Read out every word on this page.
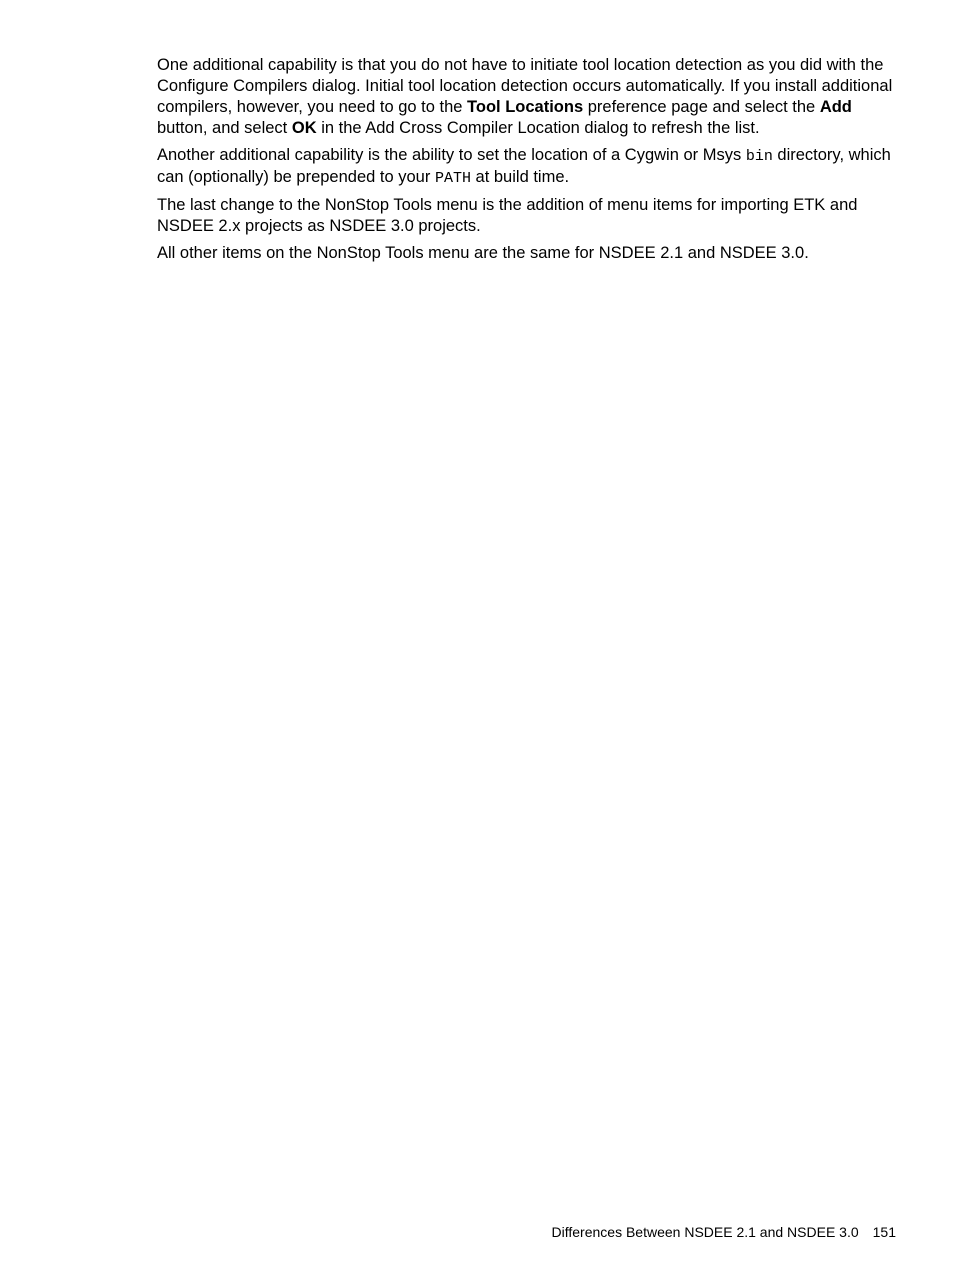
One additional capability is that you do not have to initiate tool location detection as you did with the Configure Compilers dialog. Initial tool location detection occurs automatically. If you install additional compilers, however, you need to go to the Tool Locations preference page and select the Add button, and select OK in the Add Cross Compiler Location dialog to refresh the list.

Another additional capability is the ability to set the location of a Cygwin or Msys bin directory, which can (optionally) be prepended to your PATH at build time.

The last change to the NonStop Tools menu is the addition of menu items for importing ETK and NSDEE 2.x projects as NSDEE 3.0 projects.

All other items on the NonStop Tools menu are the same for NSDEE 2.1 and NSDEE 3.0.

Differences Between NSDEE 2.1 and NSDEE 3.0 151
